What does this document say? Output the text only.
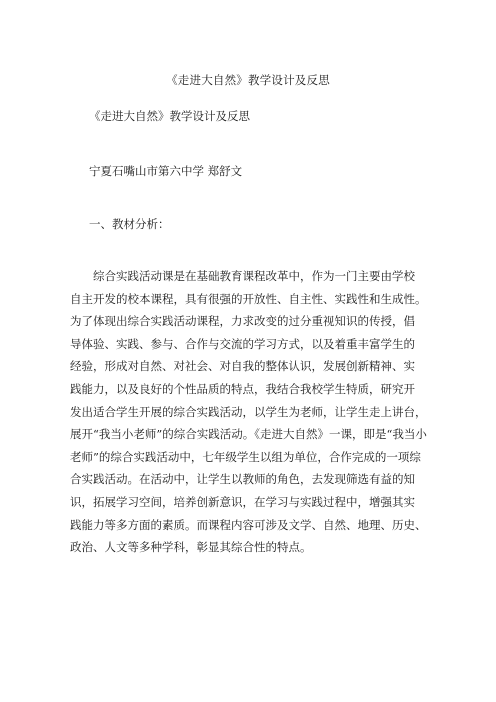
《走进大自然》教学设计及反思
《走进大自然》教学设计及反思
宁夏石嘴山市第六中学 郑舒文
一、教材分析：
综合实践活动课是在基础教育课程改革中，作为一门主要由学校
自主开发的校本课程，具有很强的开放性、自主性、实践性和生成性。
为了体现出综合实践活动课程，力求改变的过分重视知识的传授，倡
导体验、实践、参与、合作与交流的学习方式，以及着重丰富学生的
经验，形成对自然、对社会、对自我的整体认识，发展创新精神、实
践能力，以及良好的个性品质的特点，我结合我校学生特质，研究开
发出适合学生开展的综合实践活动，以学生为老师，让学生走上讲台，
展开“我当小老师”的综合实践活动。《走进大自然》一课，即是“我当小
老师”的综合实践活动中，七年级学生以组为单位，合作完成的一项综
合实践活动。在活动中，让学生以教师的角色，去发现筛选有益的知
识，拓展学习空间，培养创新意识，在学习与实践过程中，增强其实
践能力等多方面的素质。而课程内容可涉及文学、自然、地理、历史、
政治、人文等多种学科，彰显其综合性的特点。
